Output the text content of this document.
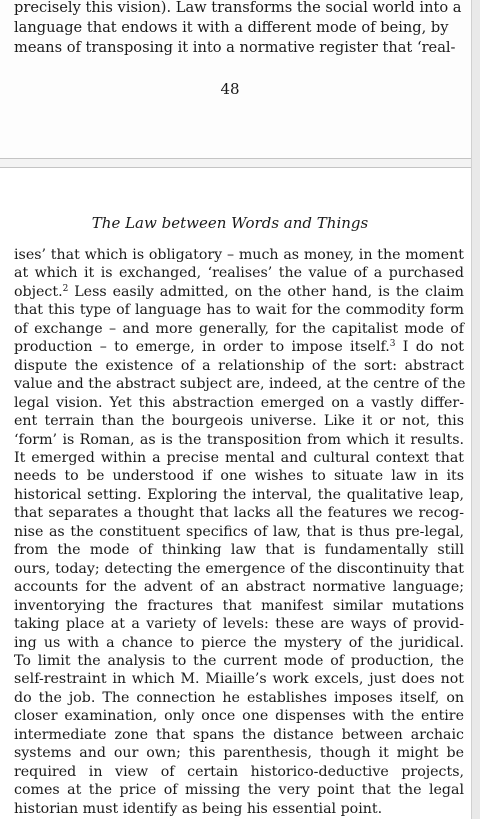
precisely this vision). Law transforms the social world into a
language that endows it with a different mode of being, by
means of transposing it into a normative register that ‘real-
48
The Law between Words and Things
ises’ that which is obligatory – much as money, in the moment
at which it is exchanged, ‘realises’ the value of a purchased
object.$^2$ Less easily admitted, on the other hand, is the claim
that this type of language has to wait for the commodity form
of exchange – and more generally, for the capitalist mode of
production – to emerge, in order to impose itself.$^3$ I do not
dispute the existence of a relationship of the sort: abstract
value and the abstract subject are, indeed, at the centre of the
legal vision. Yet this abstraction emerged on a vastly differ-
ent terrain than the bourgeois universe. Like it or not, this
‘form’ is Roman, as is the transposition from which it results.
It emerged within a precise mental and cultural context that
needs to be understood if one wishes to situate law in its
historical setting. Exploring the interval, the qualitative leap,
that separates a thought that lacks all the features we recog-
nise as the constituent specifics of law, that is thus pre-legal,
from the mode of thinking law that is fundamentally still
ours, today; detecting the emergence of the discontinuity that
accounts for the advent of an abstract normative language;
inventorying the fractures that manifest similar mutations
taking place at a variety of levels: these are ways of provid-
ing us with a chance to pierce the mystery of the juridical.
To limit the analysis to the current mode of production, the
self-restraint in which M. Miaille’s work excels, just does not
do the job. The connection he establishes imposes itself, on
closer examination, only once one dispenses with the entire
intermediate zone that spans the distance between archaic
systems and our own; this parenthesis, though it might be
required in view of certain historico-deductive projects,
comes at the price of missing the very point that the legal
historian must identify as being his essential point.
